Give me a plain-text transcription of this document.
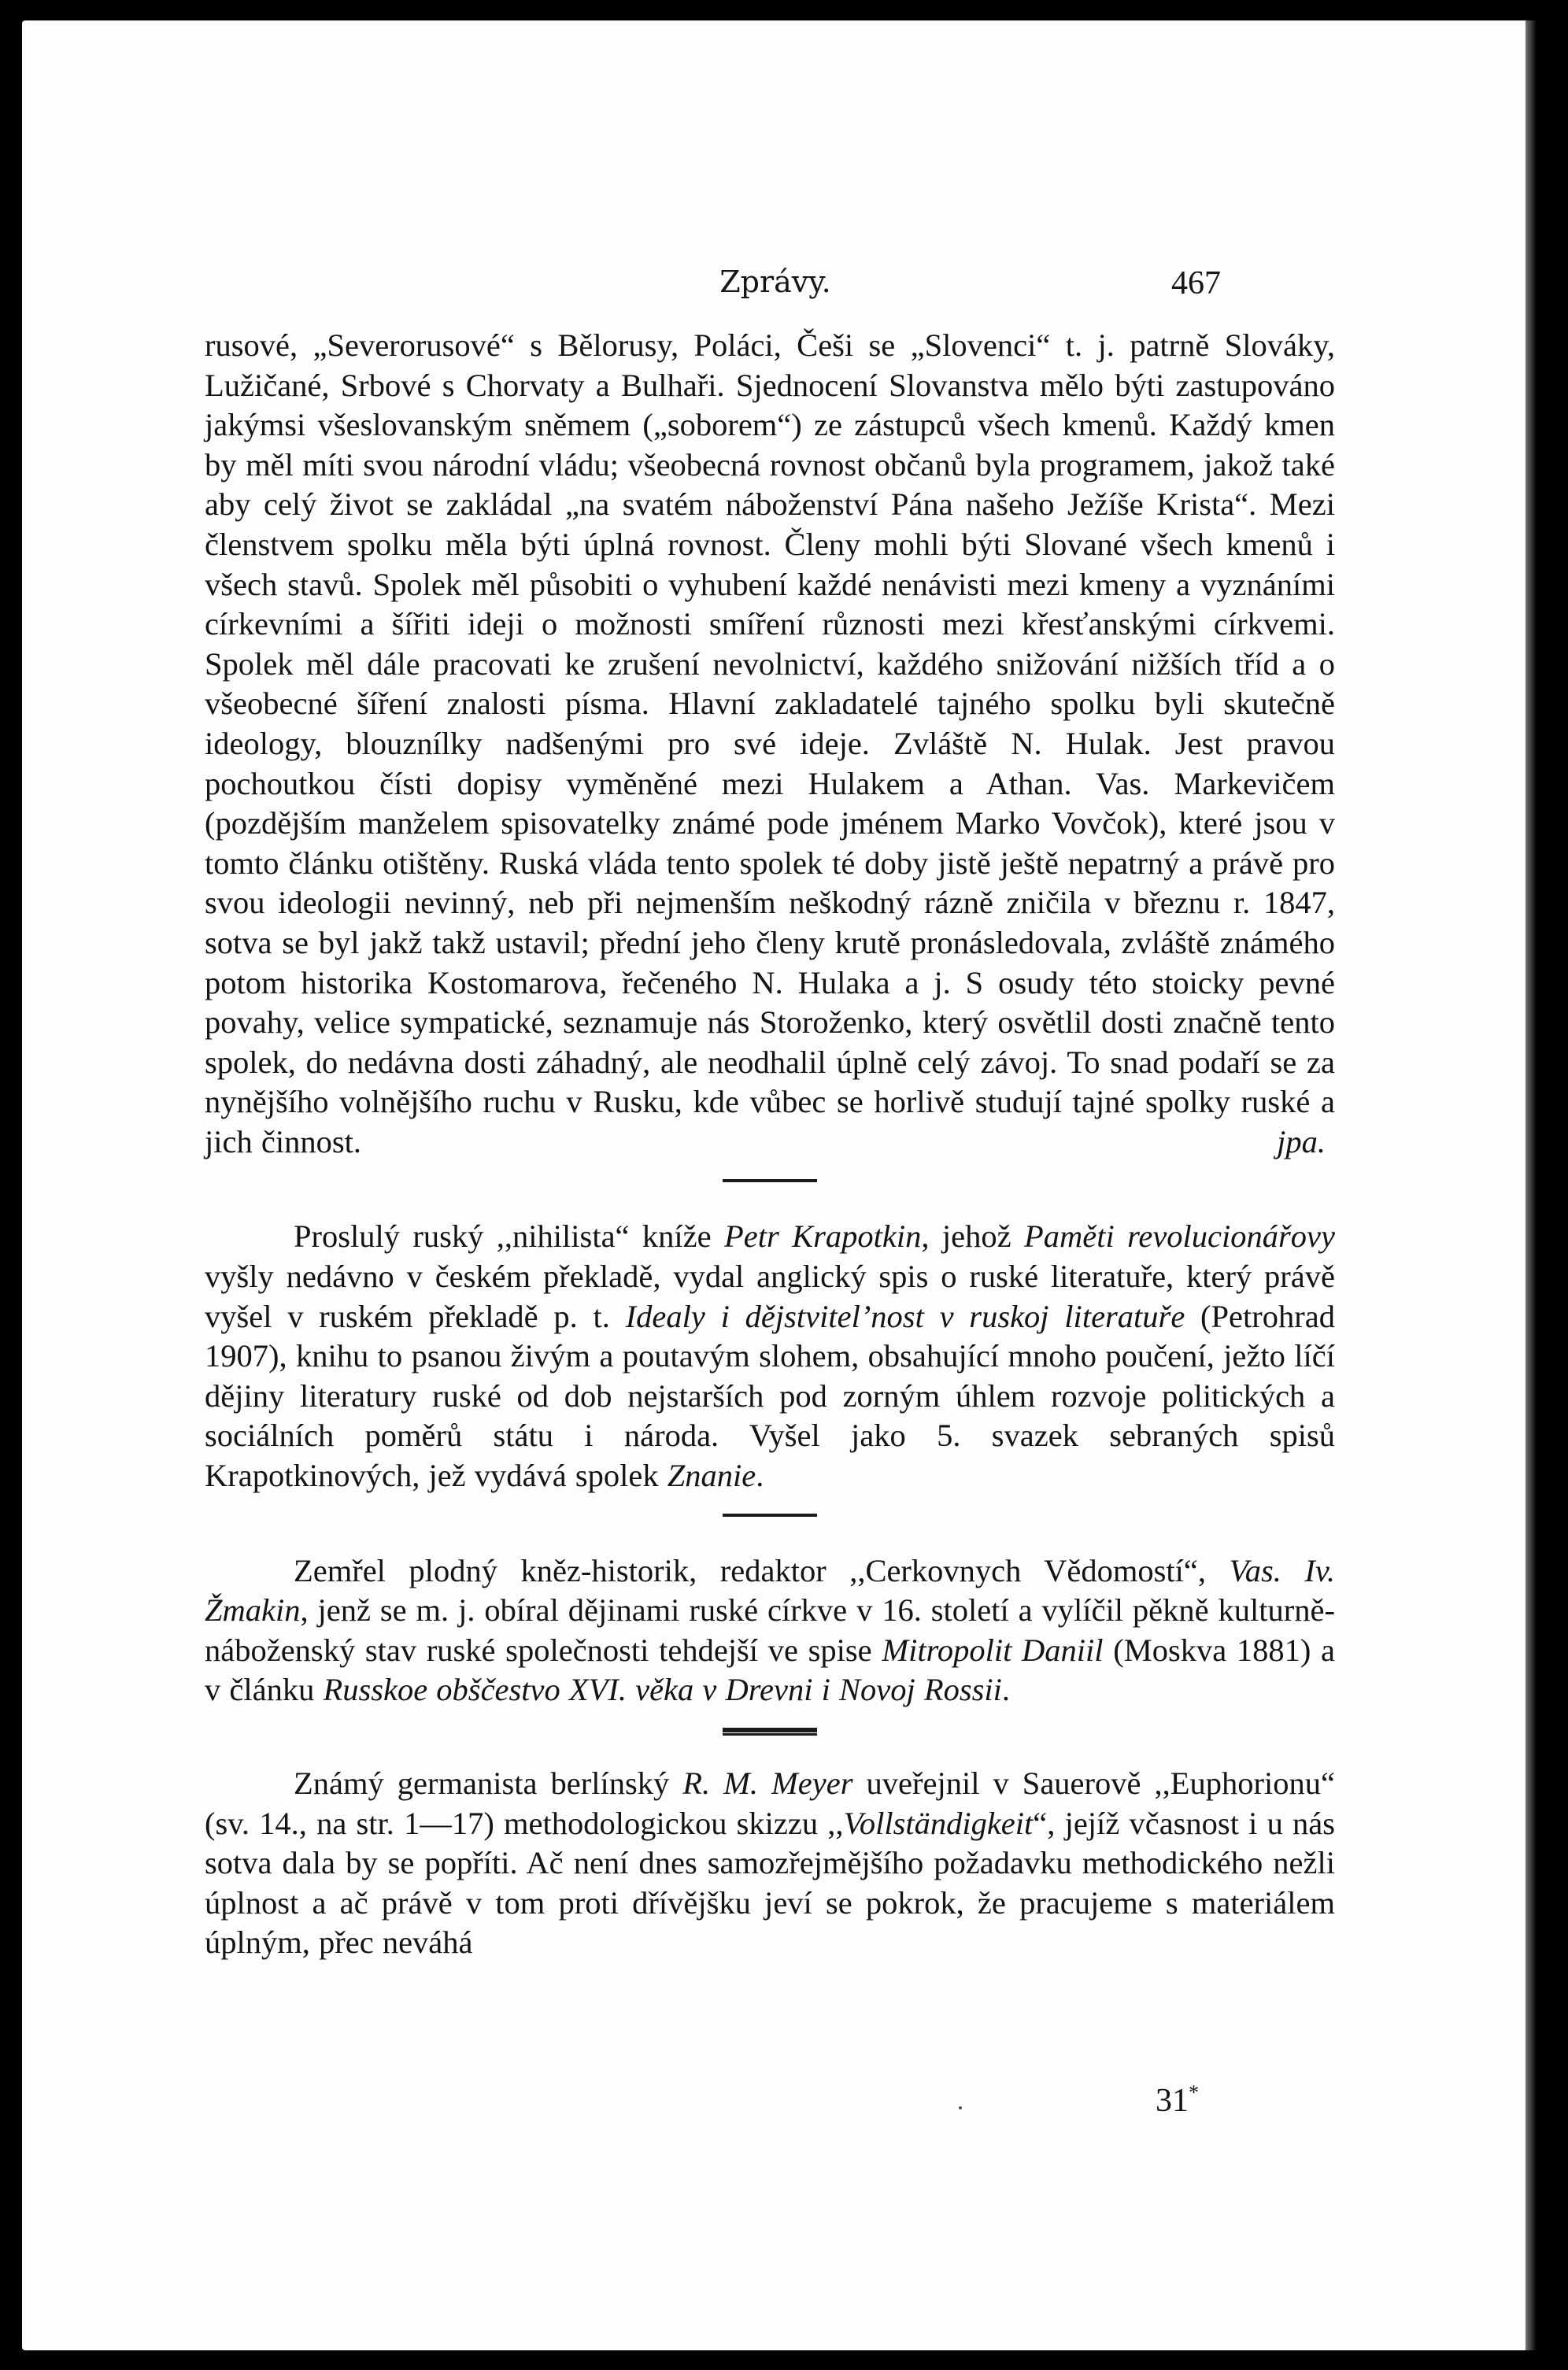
Zprávy.	467

rusové, „Severorusové“ s Bělorusy, Poláci, Češi se „Slovenci“ t. j. patrně Slováky, Lužičané, Srbové s Chorvaty a Bulhaři. Sjednocení Slovanstva mělo býti zastupováno jakýmsi všeslovanským sněmem („soborem“) ze zástupců všech kmenů. Každý kmen by měl míti svou národní vládu; všeobecná rovnost občanů byla programem, jakož také aby celý život se zakládal „na svatém náboženství Pána našeho Ježíše Krista“. Mezi členstvem spolku měla býti úplná rovnost. Členy mohli býti Slované všech kmenů i všech stavů. Spolek měl působiti o vyhubení každé nenávisti mezi kmeny a vyznáními církevními a šířiti ideji o možnosti smíření různosti mezi křesťanskými církvemi. Spolek měl dále pracovati ke zrušení nevolnictví, každého snižování nižších tříd a o všeobecné šíření znalosti písma. Hlavní zakladatelé tajného spolku byli skutečně ideology, blouznílky nadšenými pro své ideje. Zvláště N. Hulak. Jest pravou pochoutkou čísti dopisy vyměněné mezi Hulakem a Athan. Vas. Markevičem (pozdějším manželem spisovatelky známé pode jménem Marko Vovčok), které jsou v tomto článku otištěny. Ruská vláda tento spolek té doby jistě ještě nepatrný a právě pro svou ideologii nevinný, neb při nejmenším neškodný rázně zničila v březnu r. 1847, sotva se byl jakž takž ustavil; přední jeho členy krutě pronásledovala, zvláště známého potom historika Kostomarova, řečeného N. Hulaka a j. S osudy této stoicky pevné povahy, velice sympatické, seznamuje nás Storoženko, který osvětlil dosti značně tento spolek, do nedávna dosti záhadný, ale neodhalil úplně celý závoj. To snad podaří se za nynějšího volnějšího ruchu v Rusku, kde vůbec se horlivě studují tajné spolky ruské a jich činnost.	jpa.

Proslulý ruský ,,nihilista“ kníže Petr Krapotkin, jehož Paměti revolucionářovy vyšly nedávno v českém překladě, vydal anglický spis o ruské literatuře, který právě vyšel v ruském překladě p. t. Idealy i dějstvitel’nost v ruskoj literatuře (Petrohrad 1907), knihu to psanou živým a poutavým slohem, obsahující mnoho poučení, ježto líčí dějiny literatury ruské od dob nejstarších pod zorným úhlem rozvoje politických a sociálních poměrů státu i národa. Vyšel jako 5. svazek sebraných spisů Krapotkinových, jež vydává spolek Znanie.

Zemřel plodný kněz-historik, redaktor ,,Cerkovnych Vědomostí“, Vas. Iv. Žmakin, jenž se m. j. obíral dějinami ruské církve v 16. století a vylíčil pěkně kulturně-náboženský stav ruské společnosti tehdejší ve spise Mitropolit Daniil (Moskva 1881) a v článku Russkoe obščestvo XVI. věka v Drevni i Novoj Rossii.

Známý germanista berlínský R. M. Meyer uveřejnil v Sauerově ,,Euphorionu“ (sv. 14., na str. 1—17) methodologickou skizzu ,,Vollständigkeit“, jejíž včasnost i u nás sotva dala by se popříti. Ač není dnes samozřejmějšího požadavku methodického nežli úplnost a ač právě v tom proti dřívějšku jeví se pokrok, že pracujeme s materiálem úplným, přec neváhá

31*
